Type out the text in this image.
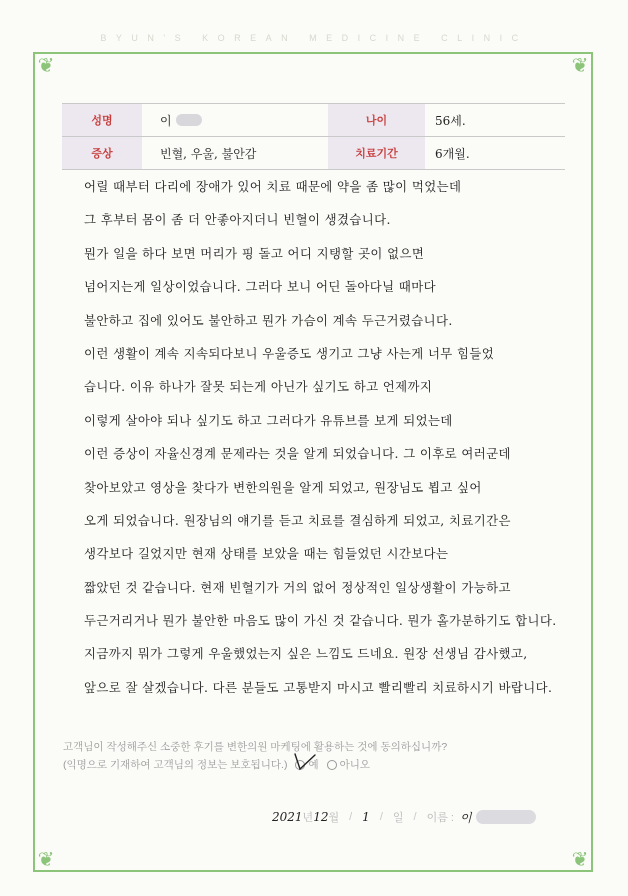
BYUN'S KOREAN MEDICINE CLINIC
❦	❦
❦	❦
성명	이	나이	56세.
증상	빈혈, 우울, 불안감	치료기간	6개월.
어릴 때부터 다리에 장애가 있어 치료 때문에 약을 좀 많이 먹었는데
그 후부터 몸이 좀 더 안좋아지더니 빈혈이 생겼습니다.
뭔가 일을 하다 보면 머리가 핑 돌고 어디 지탱할 곳이 없으면
넘어지는게 일상이었습니다. 그러다 보니 어딘 돌아다닐 때마다
불안하고 집에 있어도 불안하고 뭔가 가슴이 계속 두근거렸습니다.
이런 생활이 계속 지속되다보니 우울증도 생기고 그냥 사는게 너무 힘들었
습니다. 이유 하나가 잘못 되는게 아닌가 싶기도 하고 언제까지
이렇게 살아야 되나 싶기도 하고 그러다가 유튜브를 보게 되었는데
이런 증상이 자율신경계 문제라는 것을 알게 되었습니다. 그 이후로 여러군데
찾아보았고 영상을 찾다가 변한의원을 알게 되었고, 원장님도 뵙고 싶어
오게 되었습니다. 원장님의 얘기를 듣고 치료를 결심하게 되었고, 치료기간은
생각보다 길었지만 현재 상태를 보았을 때는 힘들었던 시간보다는
짧았던 것 같습니다. 현재 빈혈기가 거의 없어 정상적인 일상생활이 가능하고
두근거리거나 뭔가 불안한 마음도 많이 가신 것 같습니다. 뭔가 홀가분하기도 합니다.
지금까지 뭐가 그렇게 우울했었는지 싶은 느낌도 드네요. 원장 선생님 감사했고,
앞으로 잘 살겠습니다. 다른 분들도 고통받지 마시고 빨리빨리 치료하시기 바랍니다.
고객님이 작성해주신 소중한 후기를 변한의원 마케팅에 활용하는 것에 동의하십니까?
(익명으로 기재하여 고객님의 정보는 보호됩니다.) 예 아니오
2021 년 12 월 / 1 / 일 / 이름 : 이
